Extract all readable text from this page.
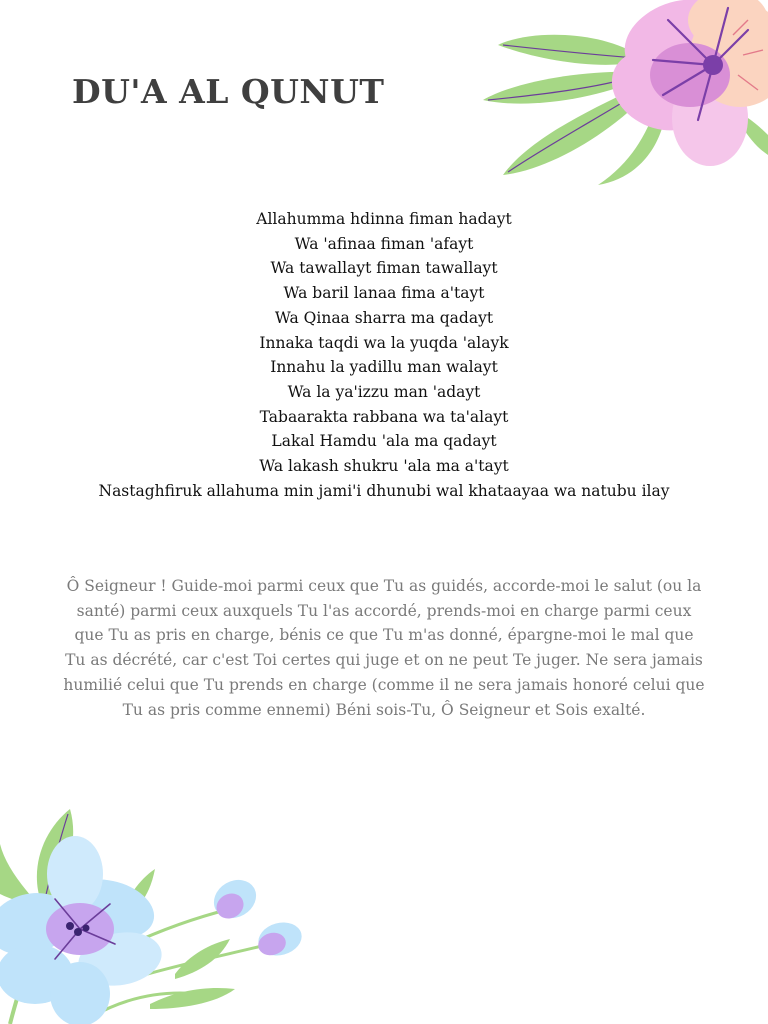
DU'A AL QUNUT
Allahumma hdinna fiman hadayt
Wa 'afinaa fiman 'afayt
Wa tawallayt fiman tawallayt
Wa baril lanaa fima a'tayt
Wa Qinaa sharra ma qadayt
Innaka taqdi wa la yuqda 'alayk
Innahu la yadillu man walayt
Wa la ya'izzu man 'adayt
Tabaarakta rabbana wa ta'alayt
Lakal Hamdu 'ala ma qadayt
Wa lakash shukru 'ala ma a'tayt
Nastaghfiruk allahuma min jami'i dhunubi wal khataayaa wa natubu ilay

Ô Seigneur ! Guide-moi parmi ceux que Tu as guidés, accorde-moi le salut (ou la santé) parmi ceux auxquels Tu l'as accordé, prends-moi en charge parmi ceux que Tu as pris en charge, bénis ce que Tu m'as donné, épargne-moi le mal que Tu as décrété, car c'est Toi certes qui juge et on ne peut Te juger. Ne sera jamais humilié celui que Tu prends en charge (comme il ne sera jamais honoré celui que Tu as pris comme ennemi) Béni sois-Tu, Ô Seigneur et Sois exalté.
